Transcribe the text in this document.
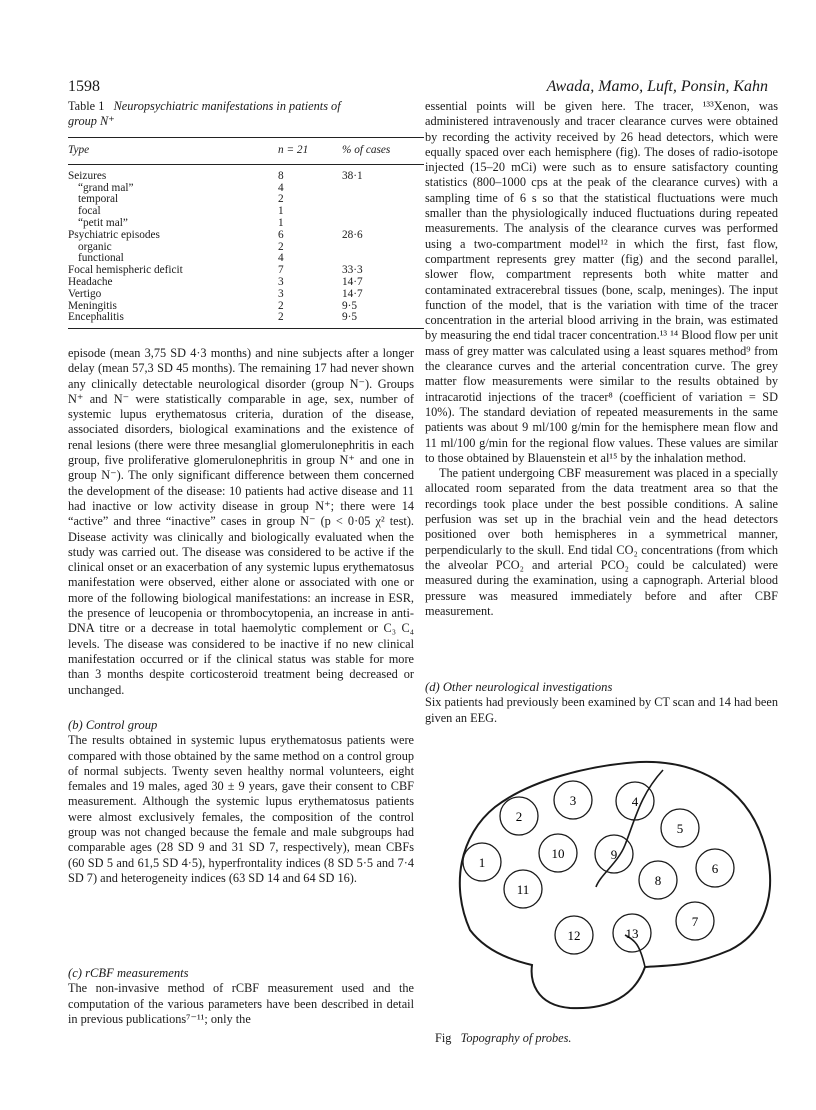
1598	Awada, Mamo, Luft, Ponsin, Kahn
Table 1 Neuropsychiatric manifestations in patients of
group N⁺
Type	n = 21	% of cases
Seizures	8	38·1
“grand mal”	4	
temporal	2	
focal	1	
“petit mal”	1	
Psychiatric episodes	6	28·6
organic	2	
functional	4	
Focal hemispheric deficit	7	33·3
Headache	3	14·7
Vertigo	3	14·7
Meningitis	2	9·5
Encephalitis	2	9·5

episode (mean 3,75 SD 4·3 months) and nine subjects after a longer delay (mean 57,3 SD 45 months). The remaining 17 had never shown any clinically detectable neurological disorder (group N⁻). Groups N⁺ and N⁻ were statistically comparable in age, sex, number of systemic lupus erythematosus criteria, duration of the disease, associated disorders, biological examinations and the existence of renal lesions (there were three mesanglial glomerulonephritis in each group, five proliferative glomerulonephritis in group N⁺ and one in group N⁻). The only significant difference between them concerned the development of the disease: 10 patients had active disease and 11 had inactive or low activity disease in group N⁺; there were 14 “active” and three “inactive” cases in group N⁻ (p < 0·05 χ² test). Disease activity was clinically and biologically evaluated when the study was carried out. The disease was considered to be active if the clinical onset or an exacerbation of any systemic lupus erythematosus manifestation were observed, either alone or associated with one or more of the following biological manifestations: an increase in ESR, the presence of leucopenia or thrombocytopenia, an increase in anti-DNA titre or a decrease in total haemolytic complement or C₃ C₄ levels. The disease was considered to be inactive if no new clinical manifestation occurred or if the clinical status was stable for more than 3 months despite corticosteroid treatment being decreased or unchanged.

(b) Control group

The results obtained in systemic lupus erythematosus patients were compared with those obtained by the same method on a control group of normal subjects. Twenty seven healthy normal volunteers, eight females and 19 males, aged 30 ± 9 years, gave their consent to CBF measurement. Although the systemic lupus erythematosus patients were almost exclusively females, the composition of the control group was not changed because the female and male subgroups had comparable ages (28 SD 9 and 31 SD 7, respectively), mean CBFs (60 SD 5 and 61,5 SD 4·5), hyperfrontality indices (8 SD 5·5 and 7·4 SD 7) and heterogeneity indices (63 SD 14 and 64 SD 16).

(c) rCBF measurements

The non-invasive method of rCBF measurement used and the computation of the various parameters have been described in detail in previous publications⁷⁻¹¹; only the

essential points will be given here. The tracer, ¹³³Xenon, was administered intravenously and tracer clearance curves were obtained by recording the activity received by 26 head detectors, which were equally spaced over each hemisphere (fig). The doses of radio-isotope injected (15–20 mCi) were such as to ensure satisfactory counting statistics (800–1000 cps at the peak of the clearance curves) with a sampling time of 6 s so that the statistical fluctuations were much smaller than the physiologically induced fluctuations during repeated measurements. The analysis of the clearance curves was performed using a two-compartment model¹² in which the first, fast flow, compartment represents grey matter (fig) and the second parallel, slower flow, compartment represents both white matter and contaminated extracerebral tissues (bone, scalp, meninges). The input function of the model, that is the variation with time of the tracer concentration in the arterial blood arriving in the brain, was estimated by measuring the end tidal tracer concentration.¹³ ¹⁴ Blood flow per unit mass of grey matter was calculated using a least squares method⁹ from the clearance curves and the arterial concentration curve. The grey matter flow measurements were similar to the results obtained by intracarotid injections of the tracer⁸ (coefficient of variation = SD 10%). The standard deviation of repeated measurements in the same patients was about 9 ml/100 g/min for the hemisphere mean flow and 11 ml/100 g/min for the regional flow values. These values are similar to those obtained by Blauenstein et al¹⁵ by the inhalation method.

The patient undergoing CBF measurement was placed in a specially allocated room separated from the data treatment area so that the recordings took place under the best possible conditions. A saline perfusion was set up in the brachial vein and the head detectors positioned over both hemispheres in a symmetrical manner, perpendicularly to the skull. End tidal CO₂ concentrations (from which the alveolar PCO₂ and arterial PCO₂ could be calculated) were measured during the examination, using a capnograph. Arterial blood pressure was measured immediately before and after CBF measurement.

(d) Other neurological investigations

Six patients had previously been examined by CT scan and 14 had been given an EEG.

1
2
3	4
5
6
7
8
9
10
11
12	13
Fig Topography of probes.
